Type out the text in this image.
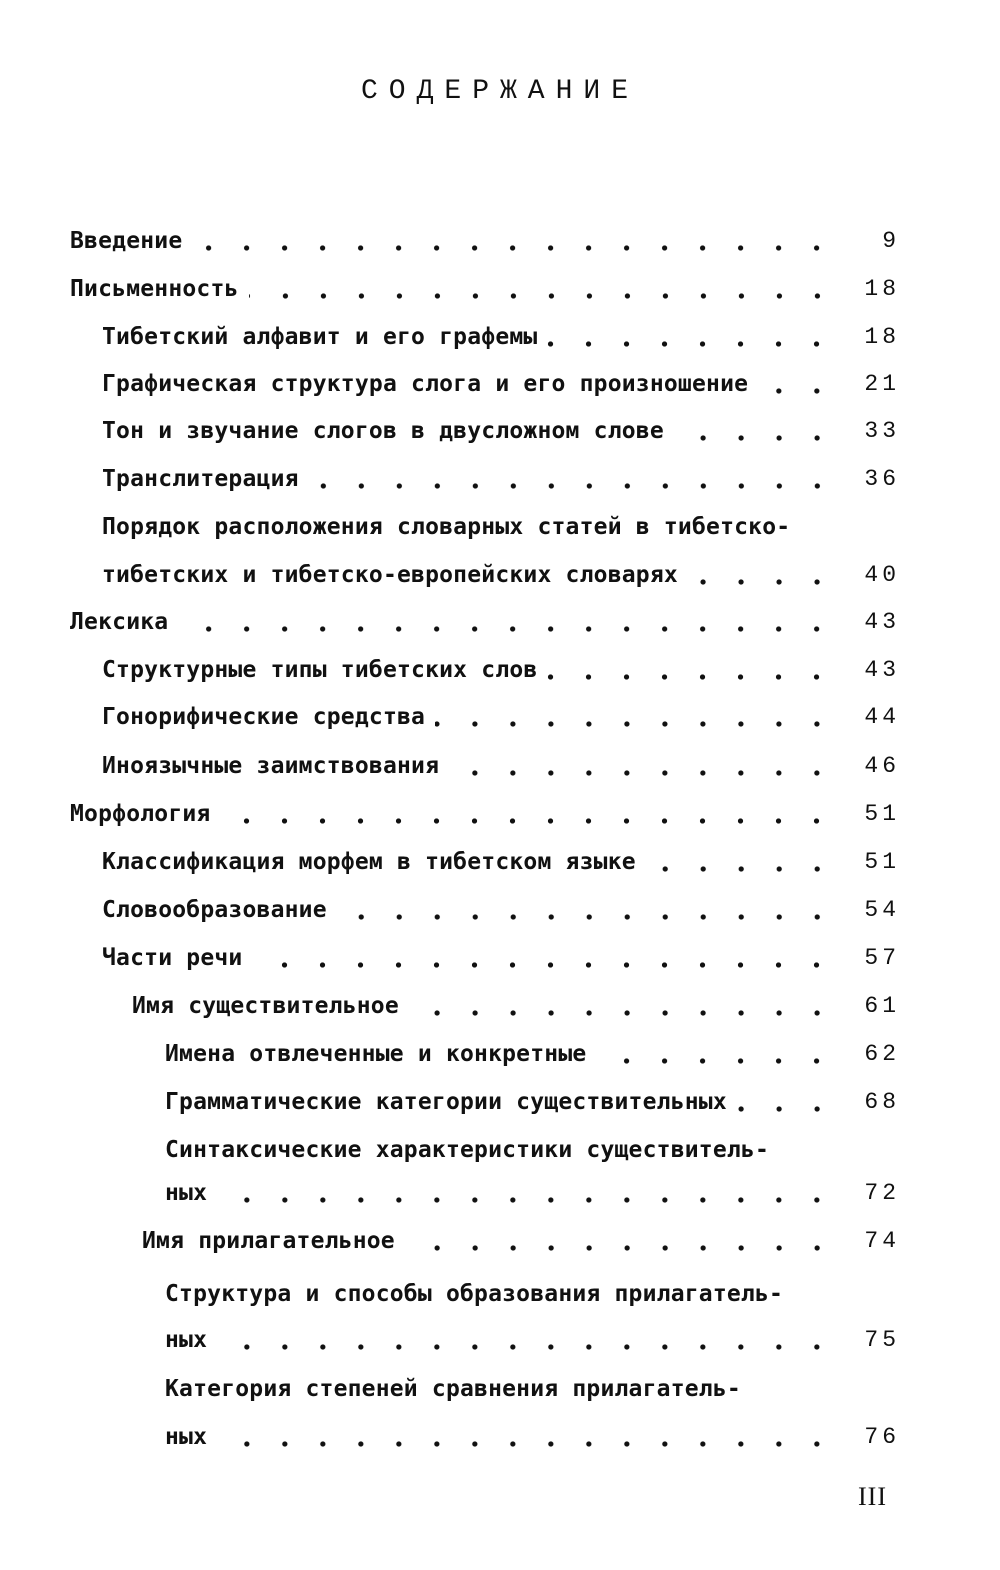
СОДЕРЖАНИЕ
Введение	9
Письменность	18
Тибетский алфавит и его графемы	18
Графическая структура слога и его произношение	21
Тон и звучание слогов в двусложном слове	33
Транслитерация	36
Порядок расположения словарных статей в тибетско-
тибетских и тибетско-европейских словарях	40
Лексика	43
Структурные типы тибетских слов	43
Гонорифические средства	44
Иноязычные заимствования	46
Морфология	51
Классификация морфем в тибетском языке	51
Словообразование	54
Части речи	57
Имя существительное	61
Имена отвлеченные и конкретные	62
Грамматические категории существительных	68
Синтаксические характеристики существитель-
ных	72
Имя прилагательное	74
Структура и способы образования прилагатель-
ных	75
Категория степеней сравнения прилагатель-
ных	76
III
